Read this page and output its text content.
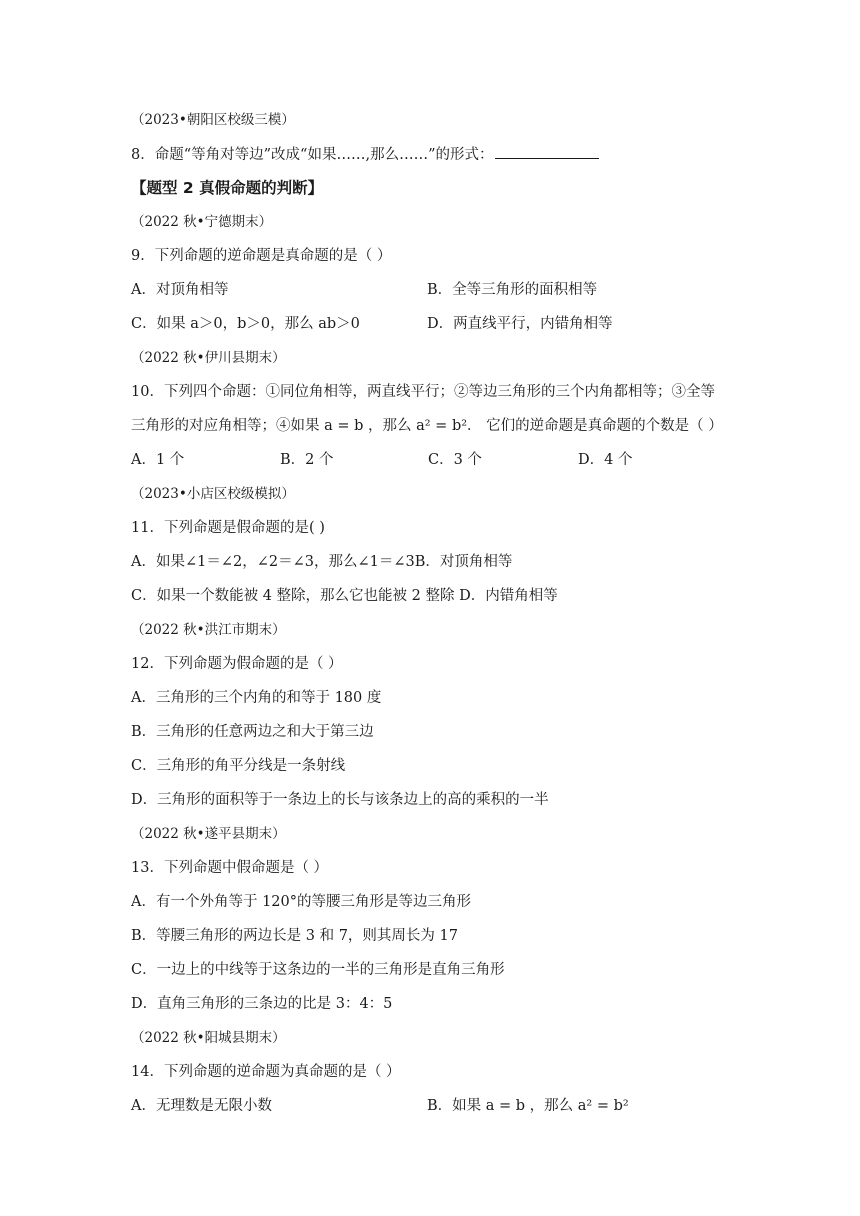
（2023•朝阳区校级三模）
8．命题“等角对等边”改成“如果……,那么……”的形式：
【题型 2 真假命题的判断】
（2022 秋•宁德期末）
9．下列命题的逆命题是真命题的是（ ）
A．对顶角相等	B．全等三角形的面积相等
C．如果 a＞0，b＞0，那么 ab＞0	D．两直线平行，内错角相等
（2022 秋•伊川县期末）
10．下列四个命题：①同位角相等，两直线平行；②等边三角形的三个内角都相等；③全等
三角形的对应角相等；④如果 a = b ，那么 a² = b²． 它们的逆命题是真命题的个数是（ ）
A．1 个	B．2 个	C．3 个	D．4 个
（2023•小店区校级模拟）
11．下列命题是假命题的是( )
A．如果∠1＝∠2，∠2＝∠3，那么∠1＝∠3B．对顶角相等
C．如果一个数能被 4 整除，那么它也能被 2 整除 D．内错角相等
（2022 秋•洪江市期末）
12．下列命题为假命题的是（ ）
A．三角形的三个内角的和等于 180 度
B．三角形的任意两边之和大于第三边
C．三角形的角平分线是一条射线
D．三角形的面积等于一条边上的长与该条边上的高的乘积的一半
（2022 秋•遂平县期末）
13．下列命题中假命题是（ ）
A．有一个外角等于 120°的等腰三角形是等边三角形
B．等腰三角形的两边长是 3 和 7，则其周长为 17
C．一边上的中线等于这条边的一半的三角形是直角三角形
D．直角三角形的三条边的比是 3：4：5
（2022 秋•阳城县期末）
14．下列命题的逆命题为真命题的是（ ）
A．无理数是无限小数	B．如果 a = b ，那么 a² = b²
